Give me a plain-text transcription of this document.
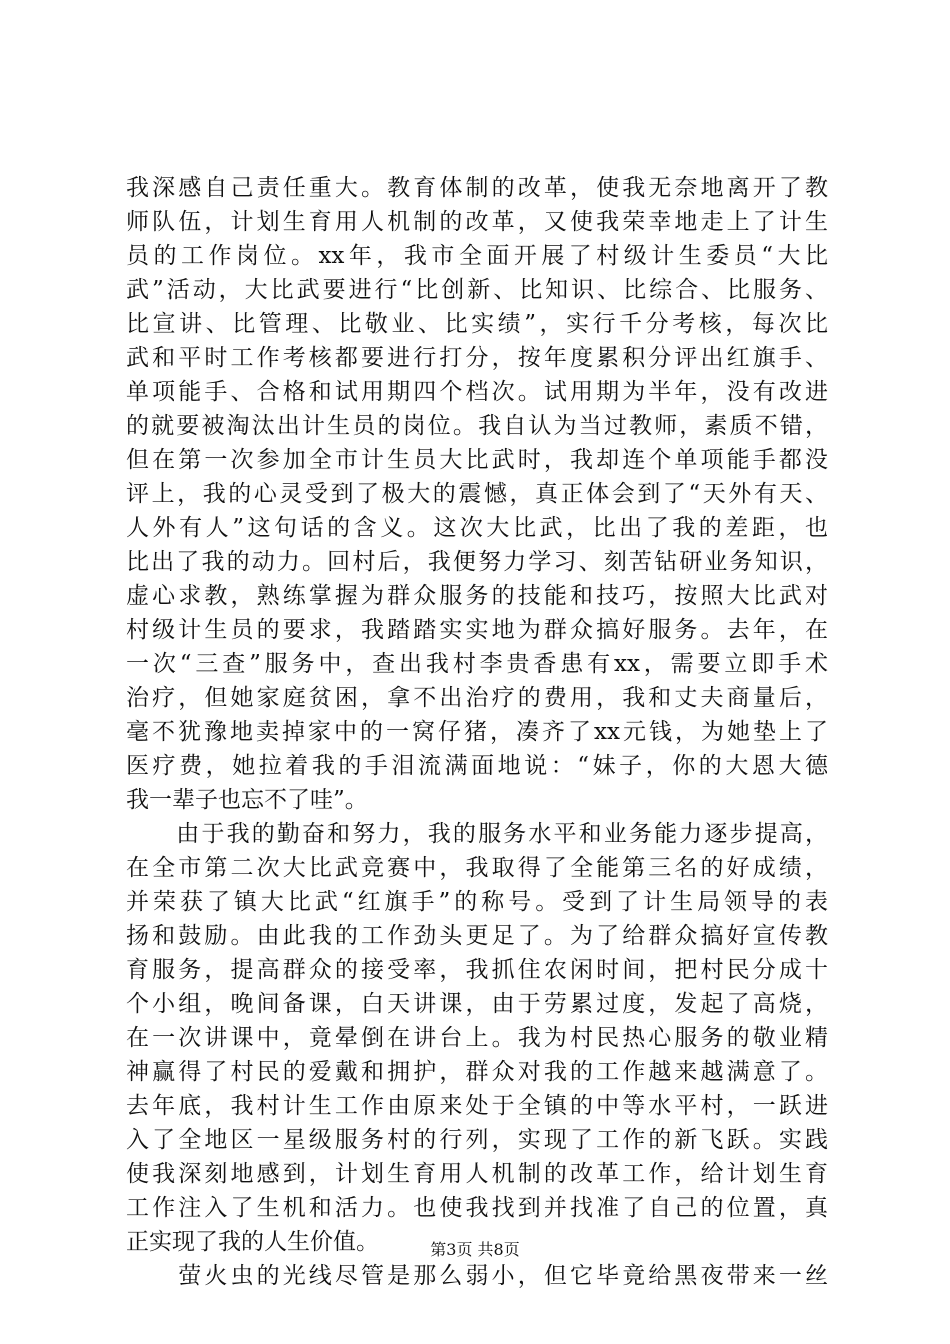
我深感自己责任重大。教育体制的改革，使我无奈地离开了教
师队伍，计划生育用人机制的改革，又使我荣幸地走上了计生
员的工作岗位。xx年，我市全面开展了村级计生委员“大比
武”活动，大比武要进行“比创新、比知识、比综合、比服务、
比宣讲、比管理、比敬业、比实绩”，实行千分考核，每次比
武和平时工作考核都要进行打分，按年度累积分评出红旗手、
单项能手、合格和试用期四个档次。试用期为半年，没有改进
的就要被淘汰出计生员的岗位。我自认为当过教师，素质不错，
但在第一次参加全市计生员大比武时，我却连个单项能手都没
评上，我的心灵受到了极大的震憾，真正体会到了“天外有天、
人外有人”这句话的含义。这次大比武，比出了我的差距，也
比出了我的动力。回村后，我便努力学习、刻苦钻研业务知识，
虚心求教，熟练掌握为群众服务的技能和技巧，按照大比武对
村级计生员的要求，我踏踏实实地为群众搞好服务。去年，在
一次“三查”服务中，查出我村李贵香患有xx，需要立即手术
治疗，但她家庭贫困，拿不出治疗的费用，我和丈夫商量后，
毫不犹豫地卖掉家中的一窝仔猪，凑齐了xx元钱，为她垫上了
医疗费，她拉着我的手泪流满面地说：“妹子，你的大恩大德
我一辈子也忘不了哇”。
　　由于我的勤奋和努力，我的服务水平和业务能力逐步提高，
在全市第二次大比武竞赛中，我取得了全能第三名的好成绩，
并荣获了镇大比武“红旗手”的称号。受到了计生局领导的表
扬和鼓励。由此我的工作劲头更足了。为了给群众搞好宣传教
育服务，提高群众的接受率，我抓住农闲时间，把村民分成十
个小组，晚间备课，白天讲课，由于劳累过度，发起了高烧，
在一次讲课中，竟晕倒在讲台上。我为村民热心服务的敬业精
神赢得了村民的爱戴和拥护，群众对我的工作越来越满意了。
去年底，我村计生工作由原来处于全镇的中等水平村，一跃进
入了全地区一星级服务村的行列，实现了工作的新飞跃。实践
使我深刻地感到，计划生育用人机制的改革工作，给计划生育
工作注入了生机和活力。也使我找到并找准了自己的位置，真
正实现了我的人生价值。
　　萤火虫的光线尽管是那么弱小，但它毕竟给黑夜带来一丝
第3页 共8页
